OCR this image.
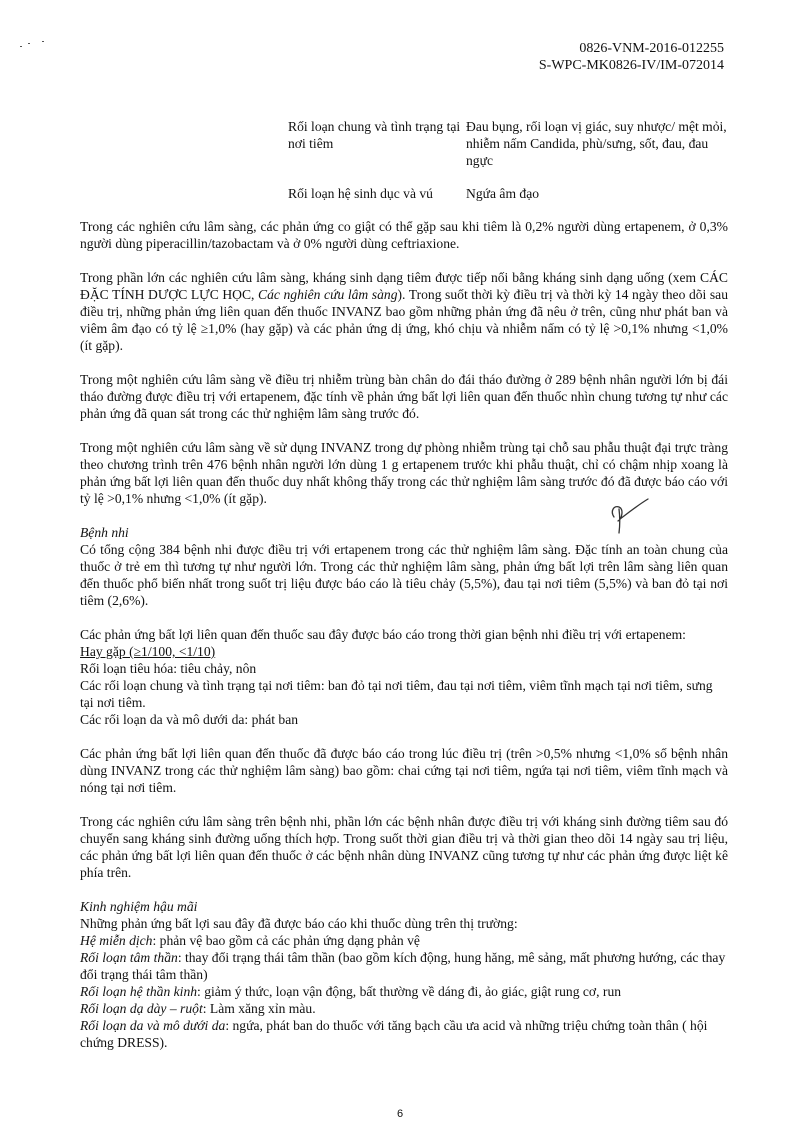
0826-VNM-2016-012255
S-WPC-MK0826-IV/IM-072014
Rối loạn chung và tình trạng tại nơi tiêm
Đau bụng, rối loạn vị giác, suy nhược/ mệt mỏi, nhiễm nấm Candida, phù/sưng, sốt, đau, đau ngực
Rối loạn hệ sinh dục và vú	Ngứa âm đạo

Trong các nghiên cứu lâm sàng, các phản ứng co giật có thể gặp sau khi tiêm là 0,2% người dùng ertapenem, ở 0,3% người dùng piperacillin/tazobactam và ở 0% người dùng ceftriaxione.

Trong phần lớn các nghiên cứu lâm sàng, kháng sinh dạng tiêm được tiếp nối bằng kháng sinh dạng uống (xem CÁC ĐẶC TÍNH DƯỢC LỰC HỌC, Các nghiên cứu lâm sàng). Trong suốt thời kỳ điều trị và thời kỳ 14 ngày theo dõi sau điều trị, những phản ứng liên quan đến thuốc INVANZ bao gồm những phản ứng đã nêu ở trên, cũng như phát ban và viêm âm đạo có tỷ lệ ≥1,0% (hay gặp) và các phản ứng dị ứng, khó chịu và nhiễm nấm có tỷ lệ >0,1% nhưng <1,0% (ít gặp).

Trong một nghiên cứu lâm sàng về điều trị nhiễm trùng bàn chân do đái tháo đường ở 289 bệnh nhân người lớn bị đái tháo đường được điều trị với ertapenem, đặc tính về phản ứng bất lợi liên quan đến thuốc nhìn chung tương tự như các phản ứng đã quan sát trong các thử nghiệm lâm sàng trước đó.

Trong một nghiên cứu lâm sàng về sử dụng INVANZ trong dự phòng nhiễm trùng tại chỗ sau phẫu thuật đại trực tràng theo chương trình trên 476 bệnh nhân người lớn dùng 1 g ertapenem trước khi phẫu thuật, chỉ có chậm nhịp xoang là phản ứng bất lợi liên quan đến thuốc duy nhất không thấy trong các thử nghiệm lâm sàng trước đó đã được báo cáo với tỷ lệ >0,1% nhưng <1,0% (ít gặp).

Bệnh nhi
Có tổng cộng 384 bệnh nhi được điều trị với ertapenem trong các thử nghiệm lâm sàng. Đặc tính an toàn chung của thuốc ở trẻ em thì tương tự như người lớn. Trong các thử nghiệm lâm sàng, phản ứng bất lợi trên lâm sàng liên quan đến thuốc phổ biến nhất trong suốt trị liệu được báo cáo là tiêu chảy (5,5%), đau tại nơi tiêm (5,5%) và ban đỏ tại nơi tiêm (2,6%).
Các phản ứng bất lợi liên quan đến thuốc sau đây được báo cáo trong thời gian bệnh nhi điều trị với ertapenem:
Hay gặp (≥1/100, <1/10)
Rối loạn tiêu hóa: tiêu chảy, nôn
Các rối loạn chung và tình trạng tại nơi tiêm: ban đỏ tại nơi tiêm, đau tại nơi tiêm, viêm tĩnh mạch tại nơi tiêm, sưng tại nơi tiêm.
Các rối loạn da và mô dưới da: phát ban

Các phản ứng bất lợi liên quan đến thuốc đã được báo cáo trong lúc điều trị (trên >0,5% nhưng <1,0% số bệnh nhân dùng INVANZ trong các thử nghiệm lâm sàng) bao gồm: chai cứng tại nơi tiêm, ngứa tại nơi tiêm, viêm tĩnh mạch và nóng tại nơi tiêm.

Trong các nghiên cứu lâm sàng trên bệnh nhi, phần lớn các bệnh nhân được điều trị với kháng sinh đường tiêm sau đó chuyển sang kháng sinh đường uống thích hợp. Trong suốt thời gian điều trị và thời gian theo dõi 14 ngày sau trị liệu, các phản ứng bất lợi liên quan đến thuốc ở các bệnh nhân dùng INVANZ cũng tương tự như các phản ứng được liệt kê phía trên.

Kinh nghiệm hậu mãi
Những phản ứng bất lợi sau đây đã được báo cáo khi thuốc dùng trên thị trường:
Hệ miễn dịch: phản vệ bao gồm cả các phản ứng dạng phản vệ
Rối loạn tâm thần: thay đổi trạng thái tâm thần (bao gồm kích động, hung hăng, mê sảng, mất phương hướng, các thay đổi trạng thái tâm thần)
Rối loạn hệ thần kinh: giảm ý thức, loạn vận động, bất thường về dáng đi, ảo giác, giật rung cơ, run
Rối loạn dạ dày – ruột: Làm xăng xỉn màu.
Rối loạn da và mô dưới da: ngứa, phát ban do thuốc với tăng bạch cầu ưa acid và những triệu chứng toàn thân ( hội chứng DRESS).
6
